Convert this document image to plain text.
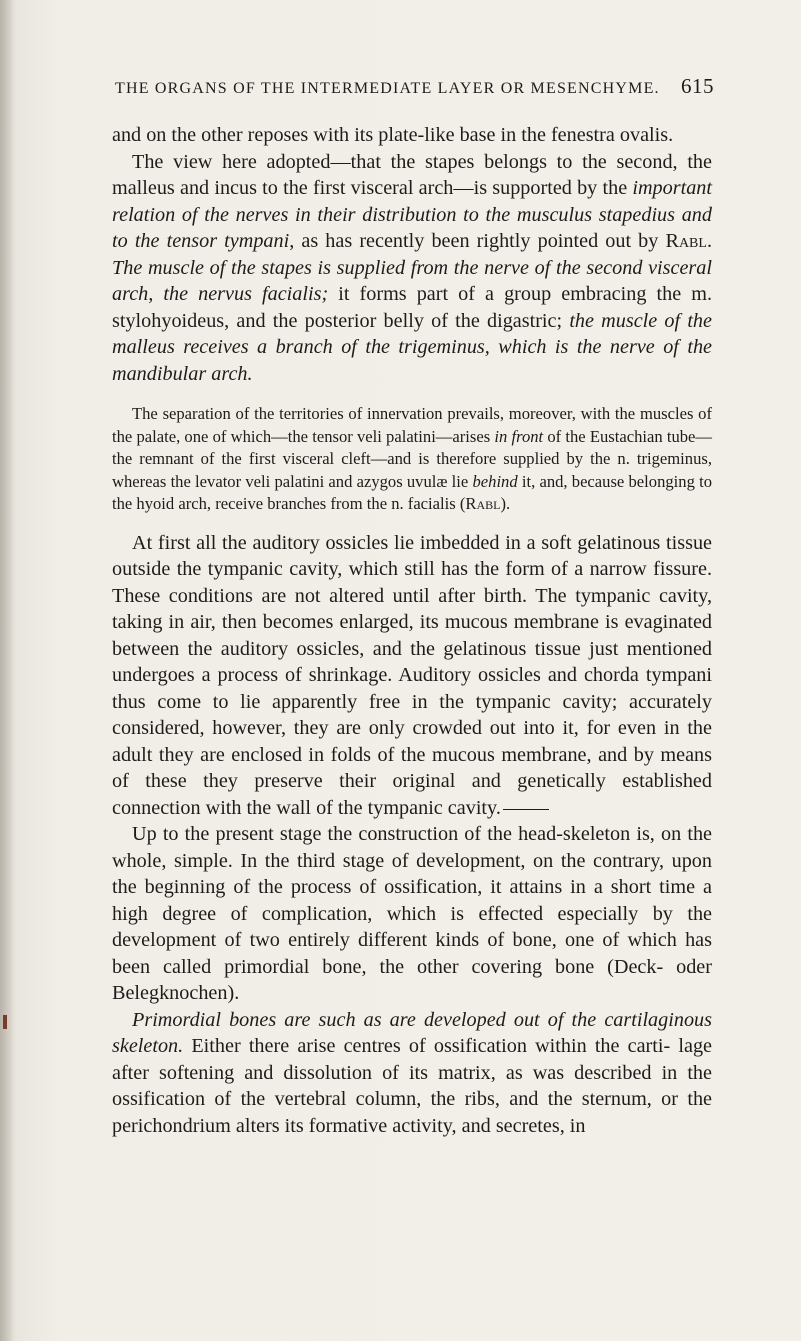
THE ORGANS OF THE INTERMEDIATE LAYER OR MESENCHYME. 615

and on the other reposes with its plate-like base in the fenestra ovalis.

The view here adopted—that the stapes belongs to the second, the malleus and incus to the first visceral arch—is supported by the important relation of the nerves in their distribution to the musculus stapedius and to the tensor tympani, as has recently been rightly pointed out by Rabl. The muscle of the stapes is supplied from the nerve of the second visceral arch, the nervus facialis; it forms part of a group embracing the m. stylohyoideus, and the posterior belly of the digastric; the muscle of the malleus receives a branch of the trigeminus, which is the nerve of the mandibular arch.

The separation of the territories of innervation prevails, moreover, with the muscles of the palate, one of which—the tensor veli palatini—arises in front of the Eustachian tube—the remnant of the first visceral cleft—and is therefore supplied by the n. trigeminus, whereas the levator veli palatini and azygos uvulæ lie behind it, and, because belonging to the hyoid arch, receive branches from the n. facialis (Rabl).

At first all the auditory ossicles lie imbedded in a soft gelatinous tissue outside the tympanic cavity, which still has the form of a narrow fissure. These conditions are not altered until after birth. The tympanic cavity, taking in air, then becomes enlarged, its mucous membrane is evaginated between the auditory ossicles, and the gelatinous tissue just mentioned undergoes a process of shrinkage. Auditory ossicles and chorda tympani thus come to lie apparently free in the tympanic cavity; accurately considered, however, they are only crowded out into it, for even in the adult they are enclosed in folds of the mucous membrane, and by means of these they preserve their original and genetically established connection with the wall of the tympanic cavity.

Up to the present stage the construction of the head-skeleton is, on the whole, simple. In the third stage of development, on the contrary, upon the beginning of the process of ossification, it attains in a short time a high degree of complication, which is effected especially by the development of two entirely different kinds of bone, one of which has been called primordial bone, the other covering bone (Deck- oder Belegknochen).

Primordial bones are such as are developed out of the cartilaginous skeleton. Either there arise centres of ossification within the carti- lage after softening and dissolution of its matrix, as was described in the ossification of the vertebral column, the ribs, and the sternum, or the perichondrium alters its formative activity, and secretes, in
